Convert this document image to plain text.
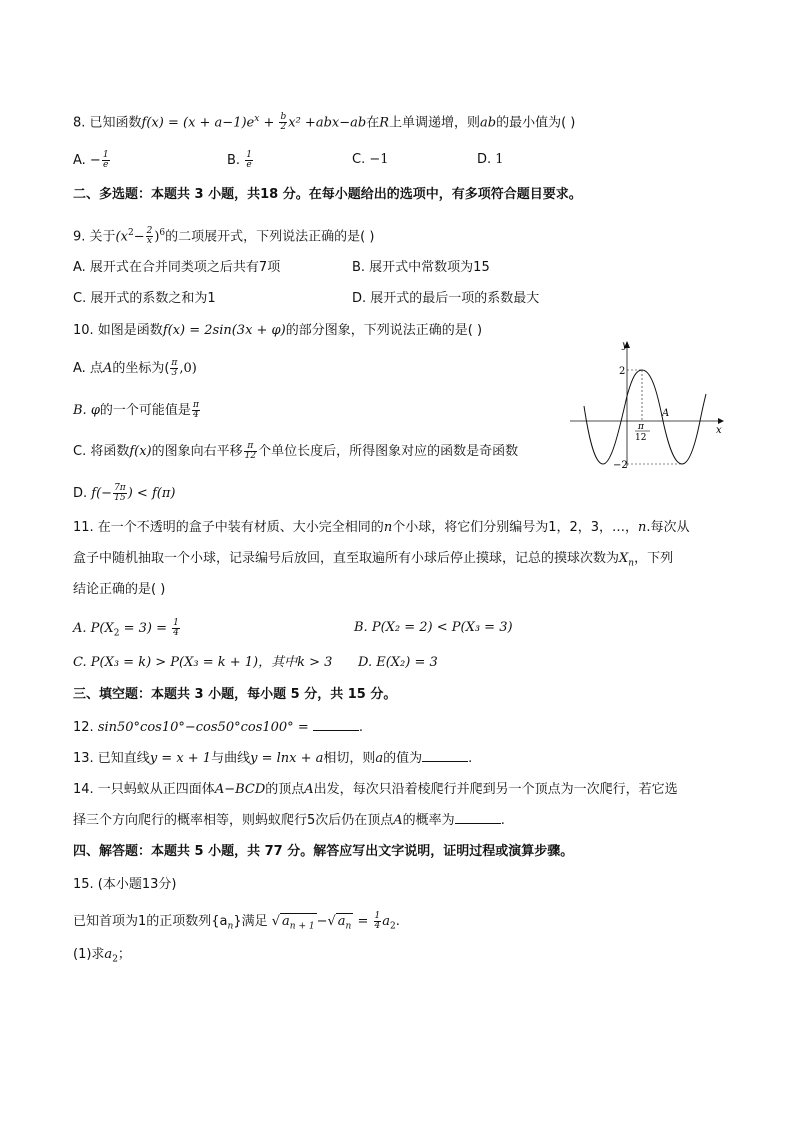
8. 已知函数$f(x) = (x + a-1)e^x + \frac{b}{2} x^2 +abx-ab$在R上单调递增，则ab的最小值为( )
A. − $\frac{1}{e}$	B. $\frac{1}{e}$	C. −1	D. 1
二、多选题：本题共 3 小题，共18 分。在每小题给出的选项中，有多项符合题目要求。
9. 关于$(x^2- \frac{2}{x} )^6$的二项展开式，下列说法正确的是( )
A. 展开式在合并同类项之后共有7项	B. 展开式中常数项为15
C. 展开式的系数之和为1	D. 展开式的最后一项的系数最大
10. 如图是函数f(x) = 2sin(3x + φ)的部分图象，下列说法正确的是( )
A. 点A的坐标为( $\frac{\pi}{3} ,0$)
B. φ的一个可能值是 $\frac{\pi}{4}$
C. 将函数f(x)的图象向右平移 $\frac{\pi}{12}$ 个单位长度后，所得图象对应的函数是奇函数
D. $f(- \frac{7\pi}{15}$ ) < f(π)
y
x
2
−2
π
12
A
11. 在一个不透明的盒子中装有材质、大小完全相同的n个小球，将它们分别编号为1，2，3，…，n.每次从
盒子中随机抽取一个小球，记录编号后放回，直至取遍所有小球后停止摸球，记总的摸球次数为$X_n$，下列
结论正确的是( )
A. $P(X_2 = 3) = \frac{1}{4}$	B. P(X₂ = 2) < P(X₃ = 3)
C. P(X₃ = k) > P(X₃ = k + 1)，其中k > 3 D. E(X₂) = 3
三、填空题：本题共 3 小题，每小题 5 分，共 15 分。
12. sin50°cos10°−cos50°cos100° =	.
13. 已知直线y = x + 1与曲线y = lnx + a相切，则a的值为	.
14. 一只蚂蚁从正四面体A−BCD的顶点A出发，每次只沿着棱爬行并爬到另一个顶点为一次爬行，若它选
择三个方向爬行的概率相等，则蚂蚁爬行5次后仍在顶点A的概率为	.
四、解答题：本题共 5 小题，共 77 分。解答应写出文字说明，证明过程或演算步骤。
15. (本小题13分)
已知首项为1的正项数列$\{a_n\}$满足 √ $a_{n + 1}$ −√ $a_n = \frac{1}{4} a_2$.
(1)求$a_2$；
